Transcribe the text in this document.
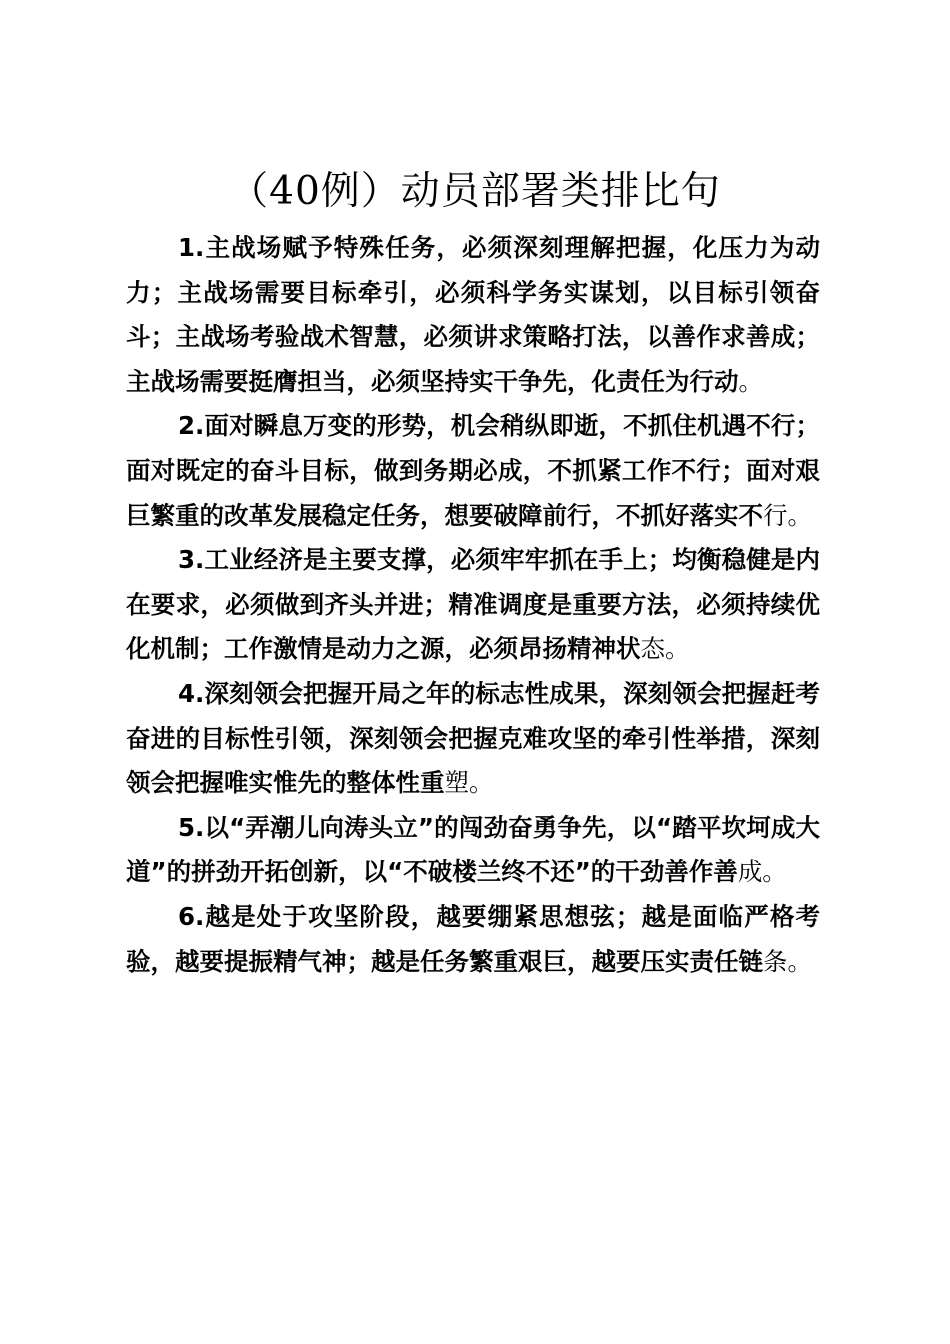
（40例）动员部署类排比句

1.主战场赋予特殊任务，必须深刻理解把握，化压力为动力；主战场需要目标牵引，必须科学务实谋划，以目标引领奋斗；主战场考验战术智慧，必须讲求策略打法，以善作求善成；主战场需要挺膺担当，必须坚持实干争先，化责任为行动。

2.面对瞬息万变的形势，机会稍纵即逝，不抓住机遇不行；面对既定的奋斗目标，做到务期必成，不抓紧工作不行；面对艰巨繁重的改革发展稳定任务，想要破障前行，不抓好落实不行。

3.工业经济是主要支撑，必须牢牢抓在手上；均衡稳健是内在要求，必须做到齐头并进；精准调度是重要方法，必须持续优化机制；工作激情是动力之源，必须昂扬精神状态。

4.深刻领会把握开局之年的标志性成果，深刻领会把握赶考奋进的目标性引领，深刻领会把握克难攻坚的牵引性举措，深刻领会把握唯实惟先的整体性重塑。

5.以“弄潮儿向涛头立”的闯劲奋勇争先，以“踏平坎坷成大道”的拼劲开拓创新，以“不破楼兰终不还”的干劲善作善成。

6.越是处于攻坚阶段，越要绷紧思想弦；越是面临严格考验，越要提振精气神；越是任务繁重艰巨，越要压实责任链条。
